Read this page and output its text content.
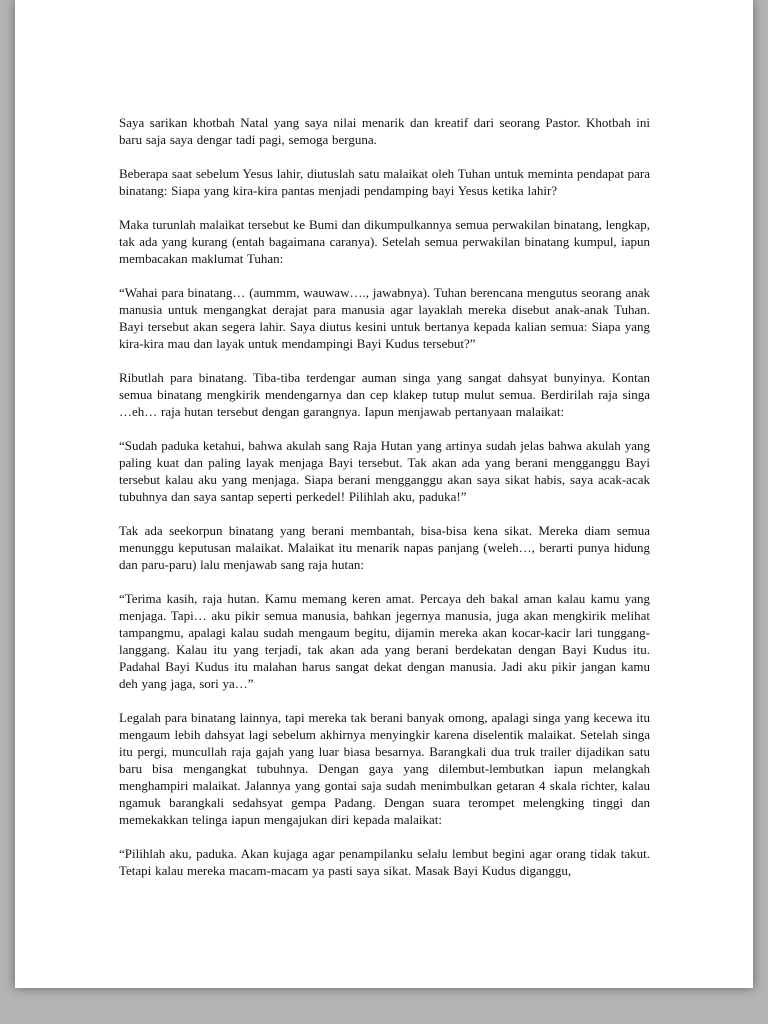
Saya sarikan khotbah Natal yang saya nilai menarik dan kreatif dari seorang Pastor. Khotbah ini baru saja saya dengar tadi pagi, semoga berguna.

Beberapa saat sebelum Yesus lahir, diutuslah satu malaikat oleh Tuhan untuk meminta pendapat para binatang: Siapa yang kira-kira pantas menjadi pendamping bayi Yesus ketika lahir?

Maka turunlah malaikat tersebut ke Bumi dan dikumpulkannya semua perwakilan binatang, lengkap, tak ada yang kurang (entah bagaimana caranya). Setelah semua perwakilan binatang kumpul, iapun membacakan maklumat Tuhan:

“Wahai para binatang… (aummm, wauwaw…., jawabnya). Tuhan berencana mengutus seorang anak manusia untuk mengangkat derajat para manusia agar layaklah mereka disebut anak-anak Tuhan. Bayi tersebut akan segera lahir. Saya diutus kesini untuk bertanya kepada kalian semua: Siapa yang kira-kira mau dan layak untuk mendampingi Bayi Kudus tersebut?”

Ributlah para binatang. Tiba-tiba terdengar auman singa yang sangat dahsyat bunyinya. Kontan semua binatang mengkirik mendengarnya dan cep klakep tutup mulut semua. Berdirilah raja singa …eh… raja hutan tersebut dengan garangnya. Iapun menjawab pertanyaan malaikat:

“Sudah paduka ketahui, bahwa akulah sang Raja Hutan yang artinya sudah jelas bahwa akulah yang paling kuat dan paling layak menjaga Bayi tersebut. Tak akan ada yang berani mengganggu Bayi tersebut kalau aku yang menjaga. Siapa berani mengganggu akan saya sikat habis, saya acak-acak tubuhnya dan saya santap seperti perkedel! Pilihlah aku, paduka!”

Tak ada seekorpun binatang yang berani membantah, bisa-bisa kena sikat. Mereka diam semua menunggu keputusan malaikat. Malaikat itu menarik napas panjang (weleh…, berarti punya hidung dan paru-paru) lalu menjawab sang raja hutan:

“Terima kasih, raja hutan. Kamu memang keren amat. Percaya deh bakal aman kalau kamu yang menjaga. Tapi… aku pikir semua manusia, bahkan jegernya manusia, juga akan mengkirik melihat tampangmu, apalagi kalau sudah mengaum begitu, dijamin mereka akan kocar-kacir lari tunggang-langgang. Kalau itu yang terjadi, tak akan ada yang berani berdekatan dengan Bayi Kudus itu. Padahal Bayi Kudus itu malahan harus sangat dekat dengan manusia. Jadi aku pikir jangan kamu deh yang jaga, sori ya…”

Legalah para binatang lainnya, tapi mereka tak berani banyak omong, apalagi singa yang kecewa itu mengaum lebih dahsyat lagi sebelum akhirnya menyingkir karena diselentik malaikat. Setelah singa itu pergi, muncullah raja gajah yang luar biasa besarnya. Barangkali dua truk trailer dijadikan satu baru bisa mengangkat tubuhnya. Dengan gaya yang dilembut-lembutkan iapun melangkah menghampiri malaikat. Jalannya yang gontai saja sudah menimbulkan getaran 4 skala richter, kalau ngamuk barangkali sedahsyat gempa Padang. Dengan suara terompet melengking tinggi dan memekakkan telinga iapun mengajukan diri kepada malaikat:

“Pilihlah aku, paduka. Akan kujaga agar penampilanku selalu lembut begini agar orang tidak takut. Tetapi kalau mereka macam-macam ya pasti saya sikat. Masak Bayi Kudus diganggu,
